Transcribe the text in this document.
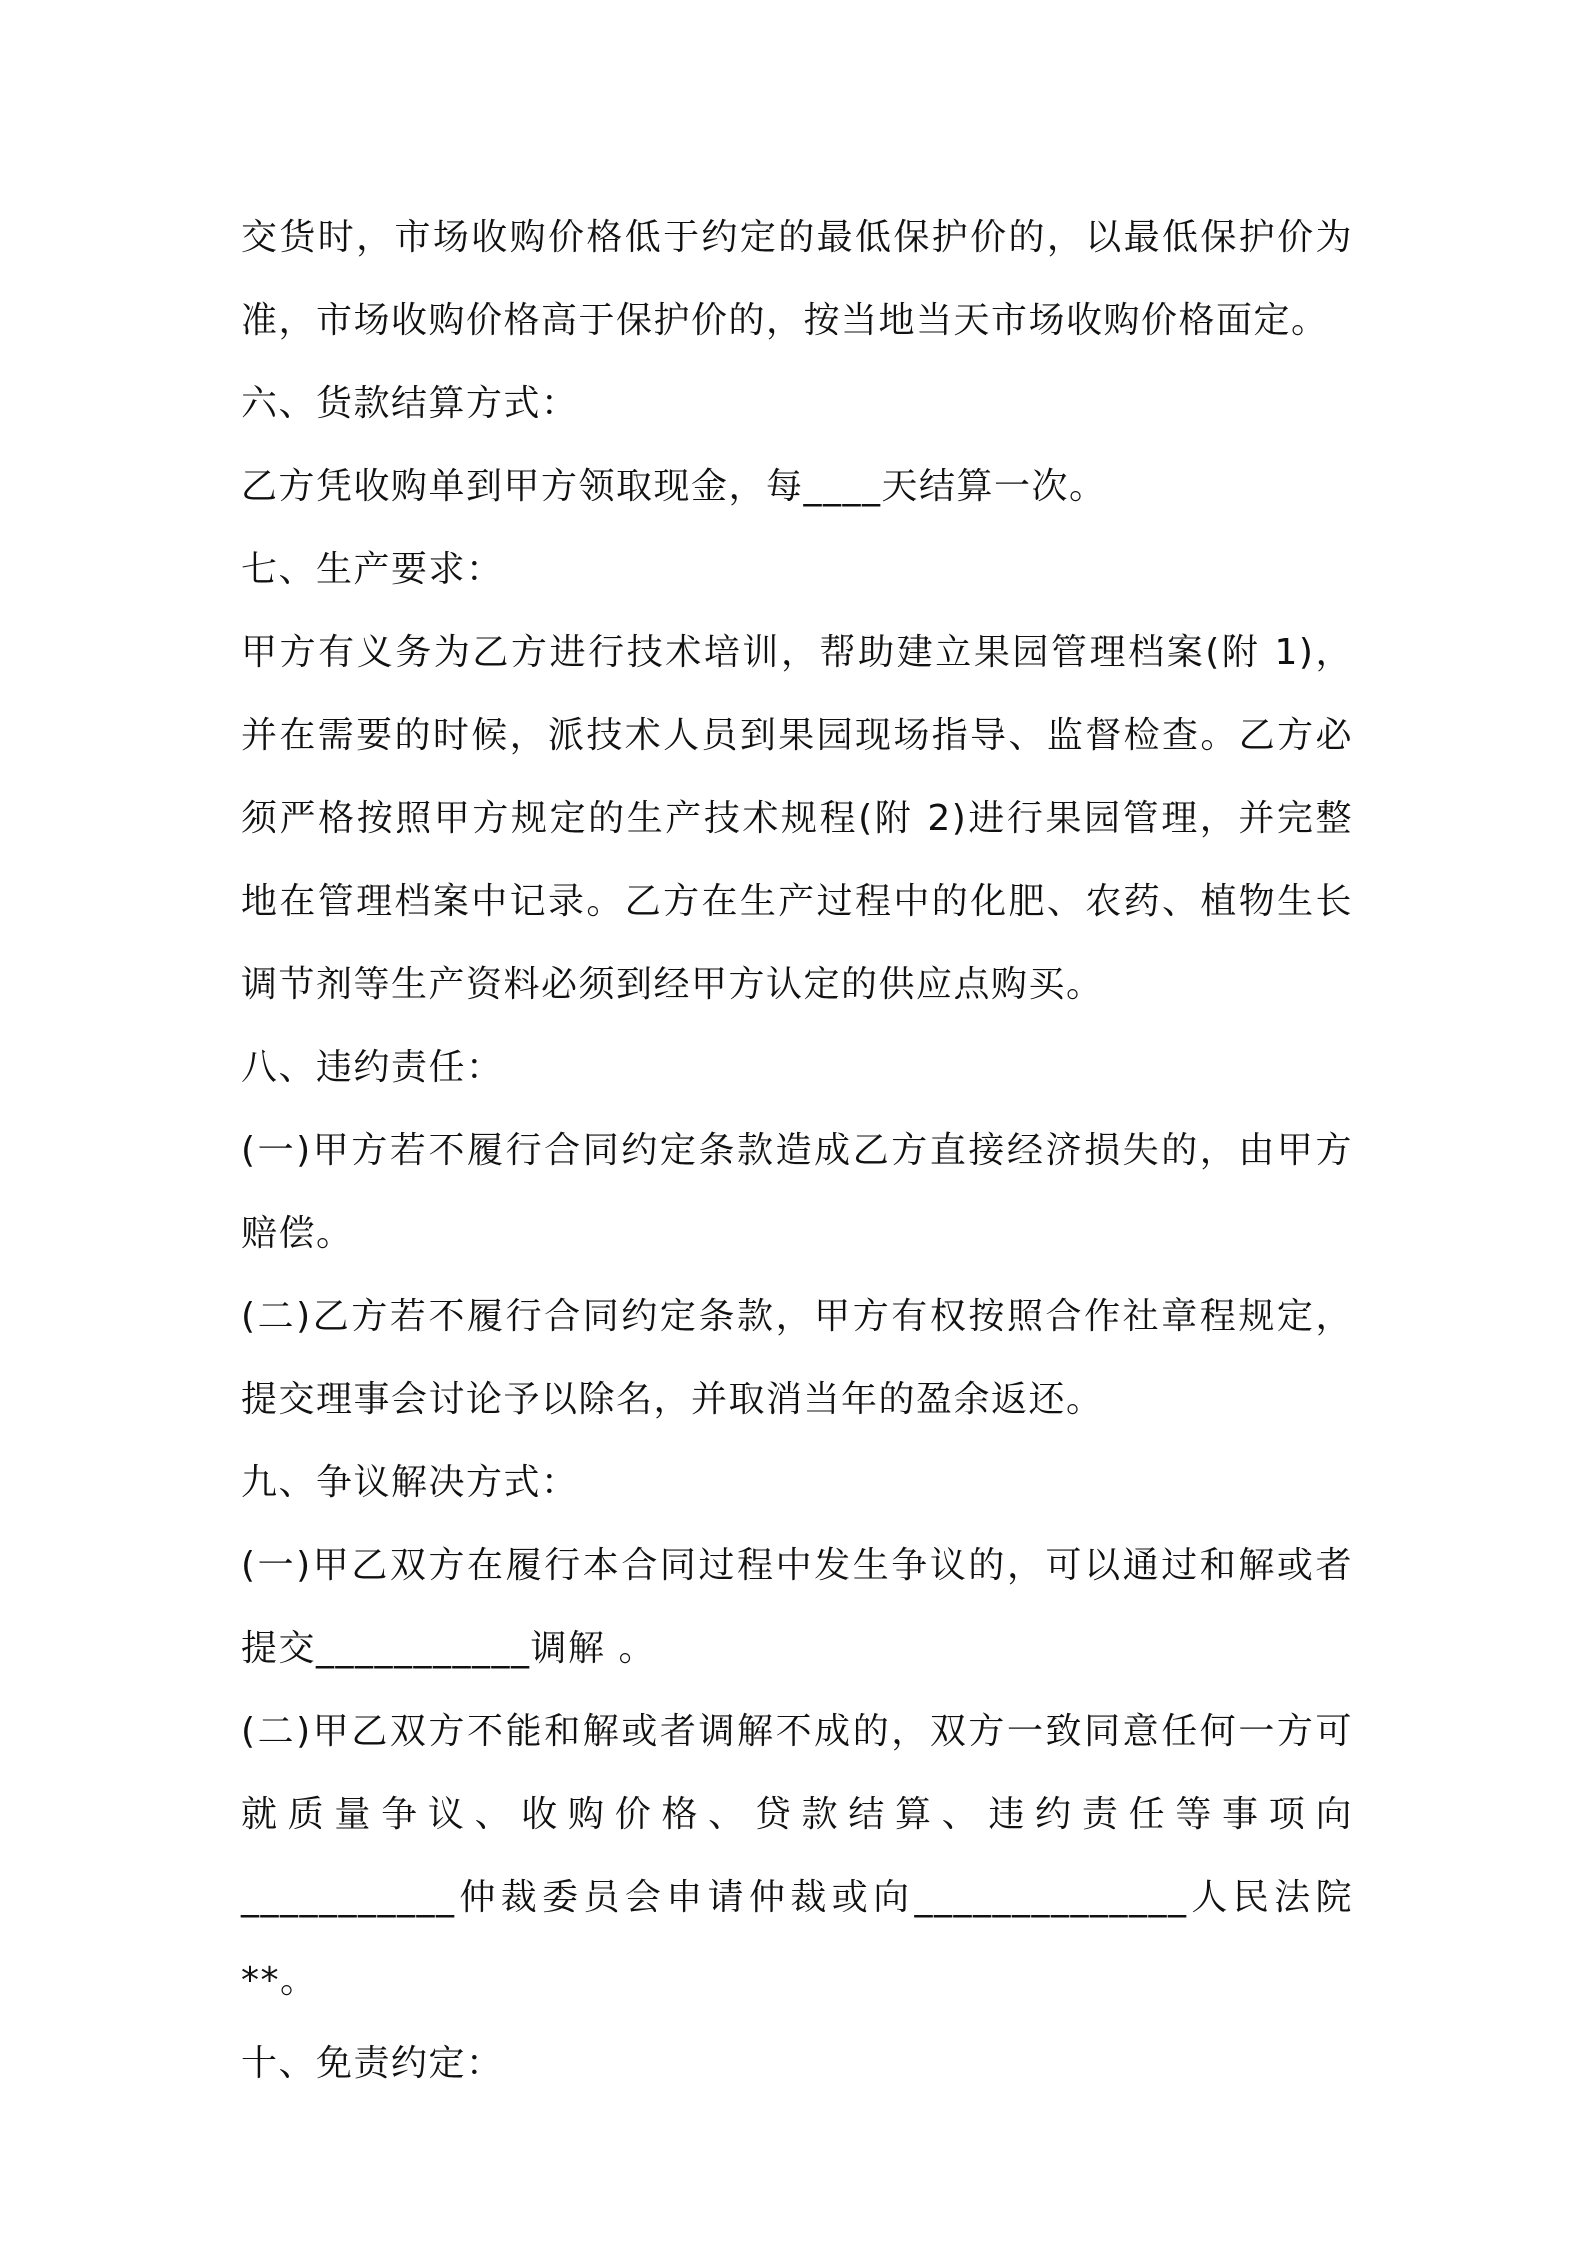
交货时，市场收购价格低于约定的最低保护价的，以最低保护价为准，市场收购价格高于保护价的，按当地当天市场收购价格面定。

六、货款结算方式：

乙方凭收购单到甲方领取现金，每____天结算一次。

七、生产要求：

甲方有义务为乙方进行技术培训，帮助建立果园管理档案(附 1)，并在需要的时候，派技术人员到果园现场指导、监督检查。乙方必须严格按照甲方规定的生产技术规程(附 2)进行果园管理，并完整地在管理档案中记录。乙方在生产过程中的化肥、农药、植物生长调节剂等生产资料必须到经甲方认定的供应点购买。

八、违约责任：

(一)甲方若不履行合同约定条款造成乙方直接经济损失的，由甲方赔偿。

(二)乙方若不履行合同约定条款，甲方有权按照合作社章程规定，提交理事会讨论予以除名，并取消当年的盈余返还。

九、争议解决方式：

(一)甲乙双方在履行本合同过程中发生争议的，可以通过和解或者提交___________调解 。

(二)甲乙双方不能和解或者调解不成的，双方一致同意任何一方可就质量争议、收购价格、贷款结算、违约责任等事项向___________仲裁委员会申请仲裁或向______________人民法院**。

十、免责约定：
